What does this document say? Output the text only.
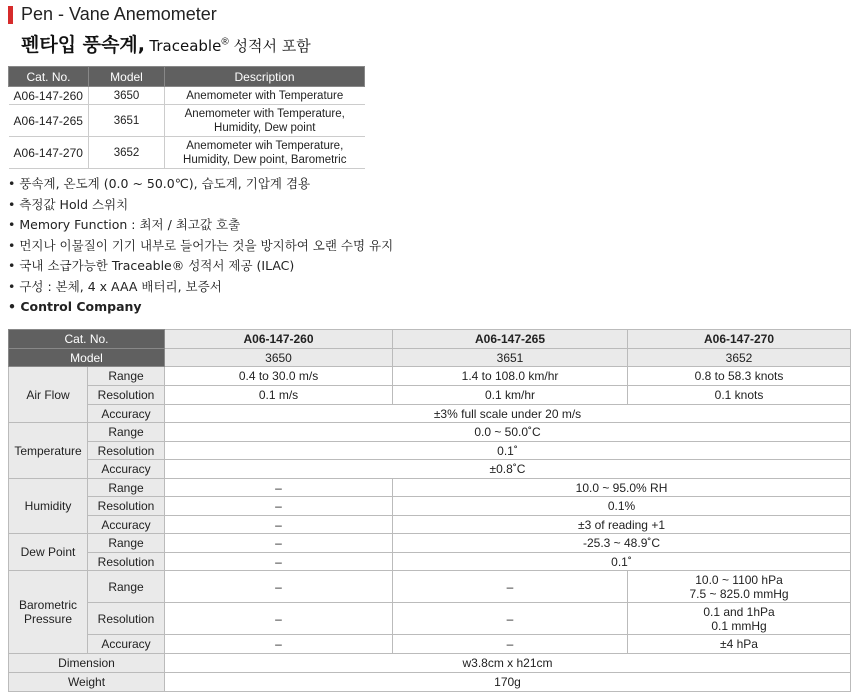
Pen - Vane Anemometer
펜타입 풍속계, Traceable® 성적서 포함
Cat. No.	Model	Description
A06-147-260	3650	Anemometer with Temperature
A06-147-265	3651	Anemometer with Temperature,
Humidity, Dew point
A06-147-270	3652	Anemometer wih Temperature,
Humidity, Dew point, Barometric
• 풍속계, 온도계 (0.0 ~ 50.0℃), 습도계, 기압계 겸용
• 측정값 Hold 스위치
• Memory Function : 최저 / 최고값 호출
• 먼지나 이물질이 기기 내부로 들어가는 것을 방지하여 오랜 수명 유지
• 국내 소급가능한 Traceable® 성적서 제공 (ILAC)
• 구성 : 본체, 4 x AAA 배터리, 보증서
• Control Company
Cat. No.		A06-147-260	A06-147-265	A06-147-270
Model		3650	3651	3652
Air Flow	Range	0.4 to 30.0 m/s	1.4 to 108.0 km/hr	0.8 to 58.3 knots
	Resolution	0.1 m/s	0.1 km/hr	0.1 knots
	Accuracy	±3% full scale under 20 m/s		
Temperature	Range	0.0 ~ 50.0˚C		
	Resolution	0.1˚		
	Accuracy	±0.8˚C		
Humidity	Range	–	10.0 ~ 95.0% RH	
	Resolution	–	0.1%	
	Accuracy	–	±3 of reading +1	
Dew Point	Range	–	-25.3 ~ 48.9˚C	
	Resolution	–	0.1˚	
Barometric
Pressure	Range	–	–	10.0 ~ 1100 hPa
7.5 ~ 825.0 mmHg
	Resolution	–	–	0.1 and 1hPa
0.1 mmHg
	Accuracy	–	–	±4 hPa
Dimension		w3.8cm x h21cm		
Weight		170g		
